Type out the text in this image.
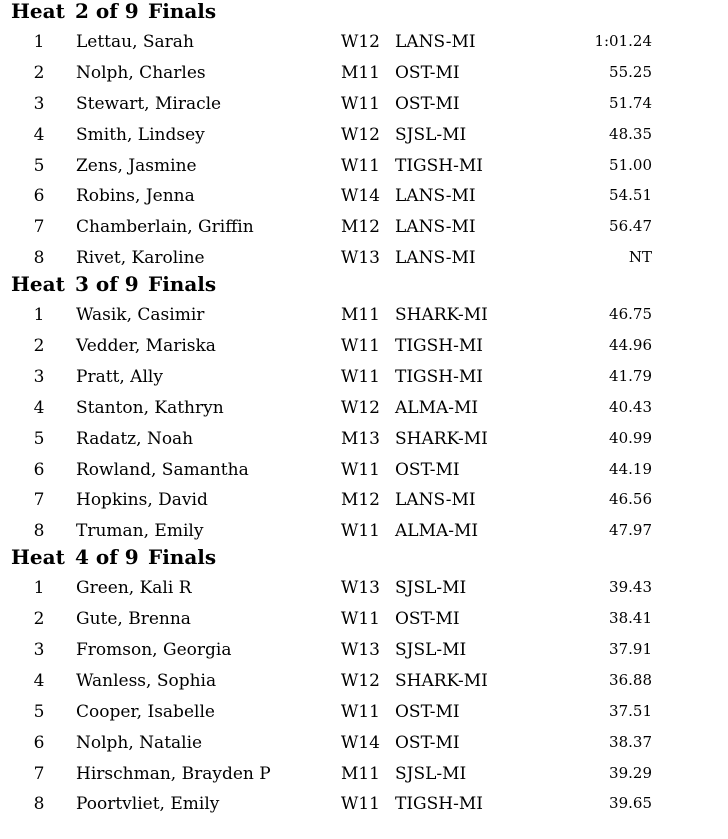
Heat 2 of 9 Finals
1 Lettau, Sarah	W12 LANS-MI	1:01.24
2 Nolph, Charles	M11 OST-MI	55.25
3 Stewart, Miracle	W11 OST-MI	51.74
4 Smith, Lindsey	W12 SJSL-MI	48.35
5 Zens, Jasmine	W11 TIGSH-MI	51.00
6 Robins, Jenna	W14 LANS-MI	54.51
7 Chamberlain, Griffin	M12 LANS-MI	56.47
8 Rivet, Karoline	W13 LANS-MI	NT
Heat 3 of 9 Finals
1 Wasik, Casimir	M11 SHARK-MI	46.75
2 Vedder, Mariska	W11 TIGSH-MI	44.96
3 Pratt, Ally	W11 TIGSH-MI	41.79
4 Stanton, Kathryn	W12 ALMA-MI	40.43
5 Radatz, Noah	M13 SHARK-MI	40.99
6 Rowland, Samantha	W11 OST-MI	44.19
7 Hopkins, David	M12 LANS-MI	46.56
8 Truman, Emily	W11 ALMA-MI	47.97
Heat 4 of 9 Finals
1 Green, Kali R	W13 SJSL-MI	39.43
2 Gute, Brenna	W11 OST-MI	38.41
3 Fromson, Georgia	W13 SJSL-MI	37.91
4 Wanless, Sophia	W12 SHARK-MI	36.88
5 Cooper, Isabelle	W11 OST-MI	37.51
6 Nolph, Natalie	W14 OST-MI	38.37
7 Hirschman, Brayden P	M11 SJSL-MI	39.29
8 Poortvliet, Emily	W11 TIGSH-MI	39.65
